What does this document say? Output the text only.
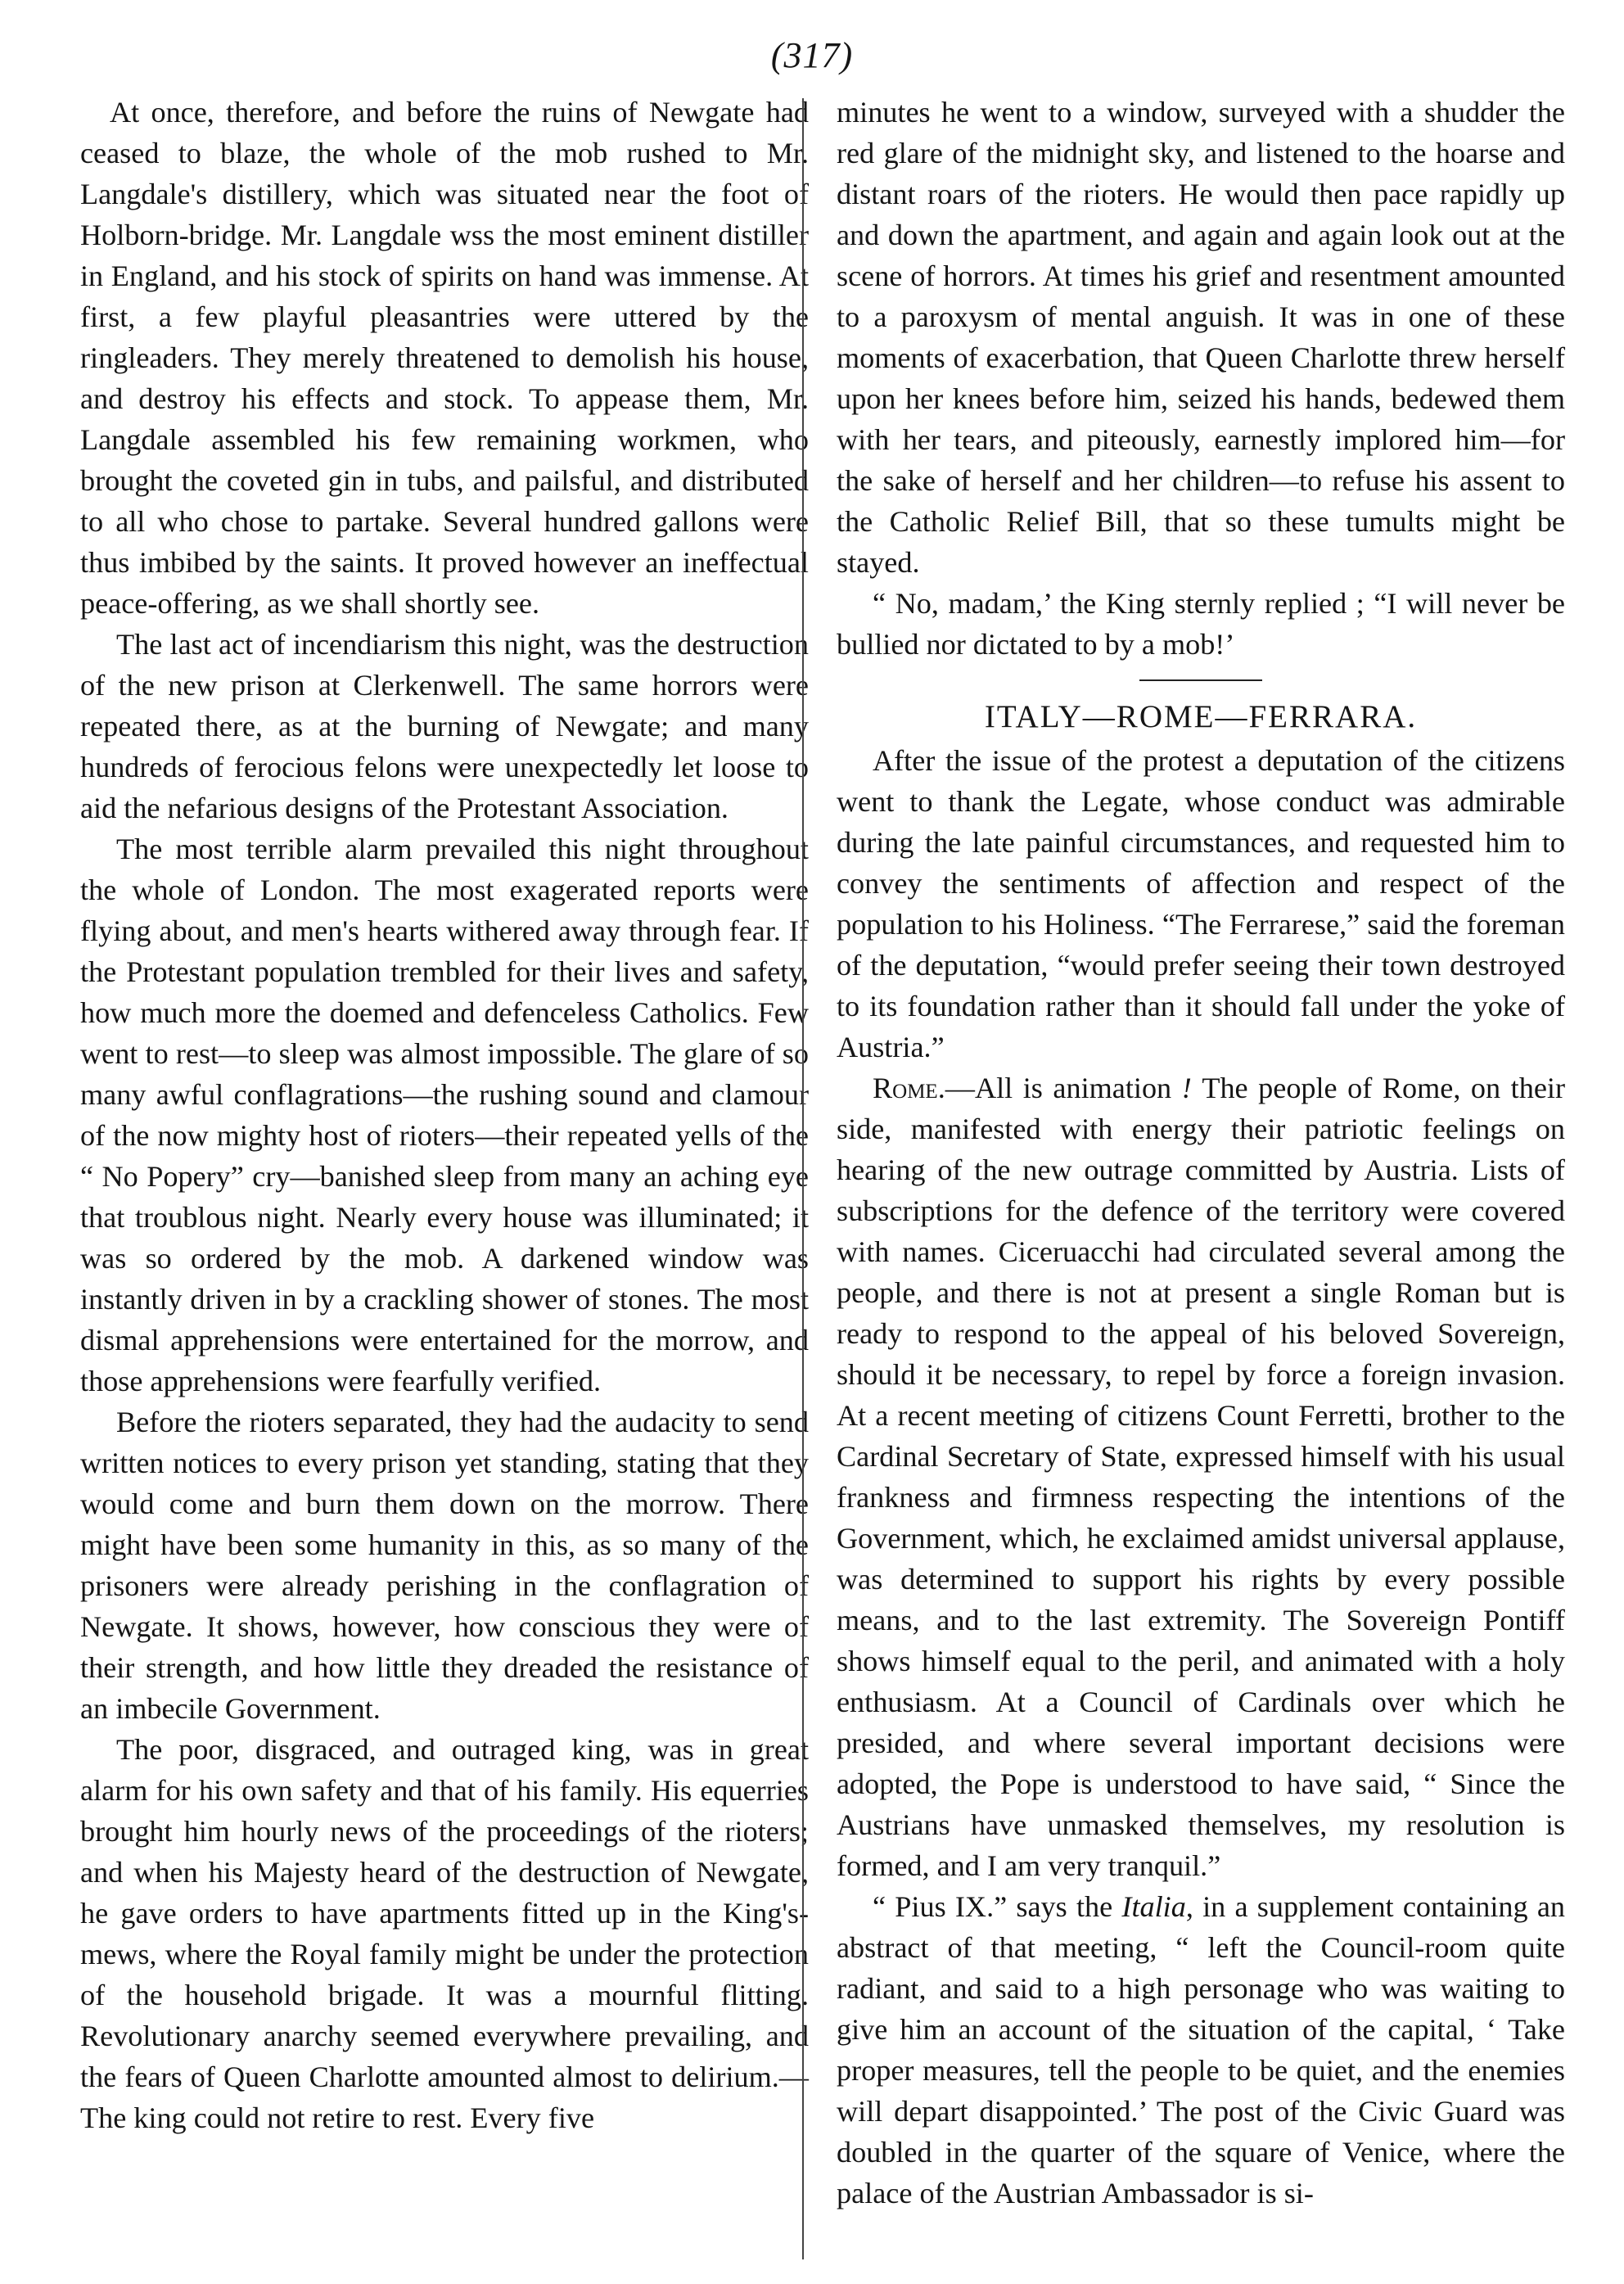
(317)

At once, therefore, and before the ruins of Newgate had ceased to blaze, the whole of the mob rushed to Mr. Langdale's distillery, which was situated near the foot of Holborn-bridge. Mr. Langdale wss the most eminent distiller in England, and his stock of spirits on hand was immense. At first, a few playful pleasantries were uttered by the ringleaders. They merely threatened to demolish his house, and destroy his effects and stock. To appease them, Mr. Langdale assembled his few remaining workmen, who brought the coveted gin in tubs, and pailsful, and distributed to all who chose to partake. Several hundred gallons were thus imbibed by the saints. It proved however an ineffectual peace-offering, as we shall shortly see.

The last act of incendiarism this night, was the destruction of the new prison at Clerkenwell. The same horrors were repeated there, as at the burning of Newgate; and many hundreds of ferocious felons were unexpectedly let loose to aid the nefarious designs of the Protestant Association.

The most terrible alarm prevailed this night throughout the whole of London. The most exagerated reports were flying about, and men's hearts withered away through fear. If the Protestant population trembled for their lives and safety, how much more the doemed and defenceless Catholics. Few went to rest—to sleep was almost impossible. The glare of so many awful conflagrations—the rushing sound and clamour of the now mighty host of rioters—their repeated yells of the “ No Popery” cry—banished sleep from many an aching eye that troublous night. Nearly every house was illuminated; it was so ordered by the mob. A darkened window was instantly driven in by a crackling shower of stones. The most dismal apprehensions were entertained for the morrow, and those apprehensions were fearfully verified.

Before the rioters separated, they had the audacity to send written notices to every prison yet standing, stating that they would come and burn them down on the morrow. There might have been some humanity in this, as so many of the prisoners were already perishing in the conflagration of Newgate. It shows, however, how conscious they were of their strength, and how little they dreaded the resistance of an imbecile Government.

The poor, disgraced, and outraged king, was in great alarm for his own safety and that of his family. His equerries brought him hourly news of the proceedings of the rioters; and when his Majesty heard of the destruction of Newgate, he gave orders to have apartments fitted up in the King's-mews, where the Royal family might be under the protection of the household brigade. It was a mournful flitting. Revolutionary anarchy seemed everywhere prevailing, and the fears of Queen Charlotte amounted almost to delirium.—The king could not retire to rest. Every five

minutes he went to a window, surveyed with a shudder the red glare of the midnight sky, and listened to the hoarse and distant roars of the rioters. He would then pace rapidly up and down the apartment, and again and again look out at the scene of horrors. At times his grief and resentment amounted to a paroxysm of mental anguish. It was in one of these moments of exacerbation, that Queen Charlotte threw herself upon her knees before him, seized his hands, bedewed them with her tears, and piteously, earnestly implored him—for the sake of herself and her children—to refuse his assent to the Catholic Relief Bill, that so these tumults might be stayed.

“ No, madam,’ the King sternly replied ; “I will never be bullied nor dictated to by a mob!’

ITALY—ROME—FERRARA.

After the issue of the protest a deputation of the citizens went to thank the Legate, whose conduct was admirable during the late painful circumstances, and requested him to convey the sentiments of affection and respect of the population to his Holiness. “The Ferrarese,” said the foreman of the deputation, “would prefer seeing their town destroyed to its foundation rather than it should fall under the yoke of Austria.”

Rome.—All is animation ! The people of Rome, on their side, manifested with energy their patriotic feelings on hearing of the new outrage committed by Austria. Lists of subscriptions for the defence of the territory were covered with names. Ciceruacchi had circulated several among the people, and there is not at present a single Roman but is ready to respond to the appeal of his beloved Sovereign, should it be necessary, to repel by force a foreign invasion. At a recent meeting of citizens Count Ferretti, brother to the Cardinal Secretary of State, expressed himself with his usual frankness and firmness respecting the intentions of the Government, which, he exclaimed amidst universal applause, was determined to support his rights by every possible means, and to the last extremity. The Sovereign Pontiff shows himself equal to the peril, and animated with a holy enthusiasm. At a Council of Cardinals over which he presided, and where several important decisions were adopted, the Pope is understood to have said, “ Since the Austrians have unmasked themselves, my resolution is formed, and I am very tranquil.”

“ Pius IX.” says the Italia, in a supplement containing an abstract of that meeting, “ left the Council-room quite radiant, and said to a high personage who was waiting to give him an account of the situation of the capital, ‘ Take proper measures, tell the people to be quiet, and the enemies will depart disappointed.’ The post of the Civic Guard was doubled in the quarter of the square of Venice, where the palace of the Austrian Ambassador is si-
